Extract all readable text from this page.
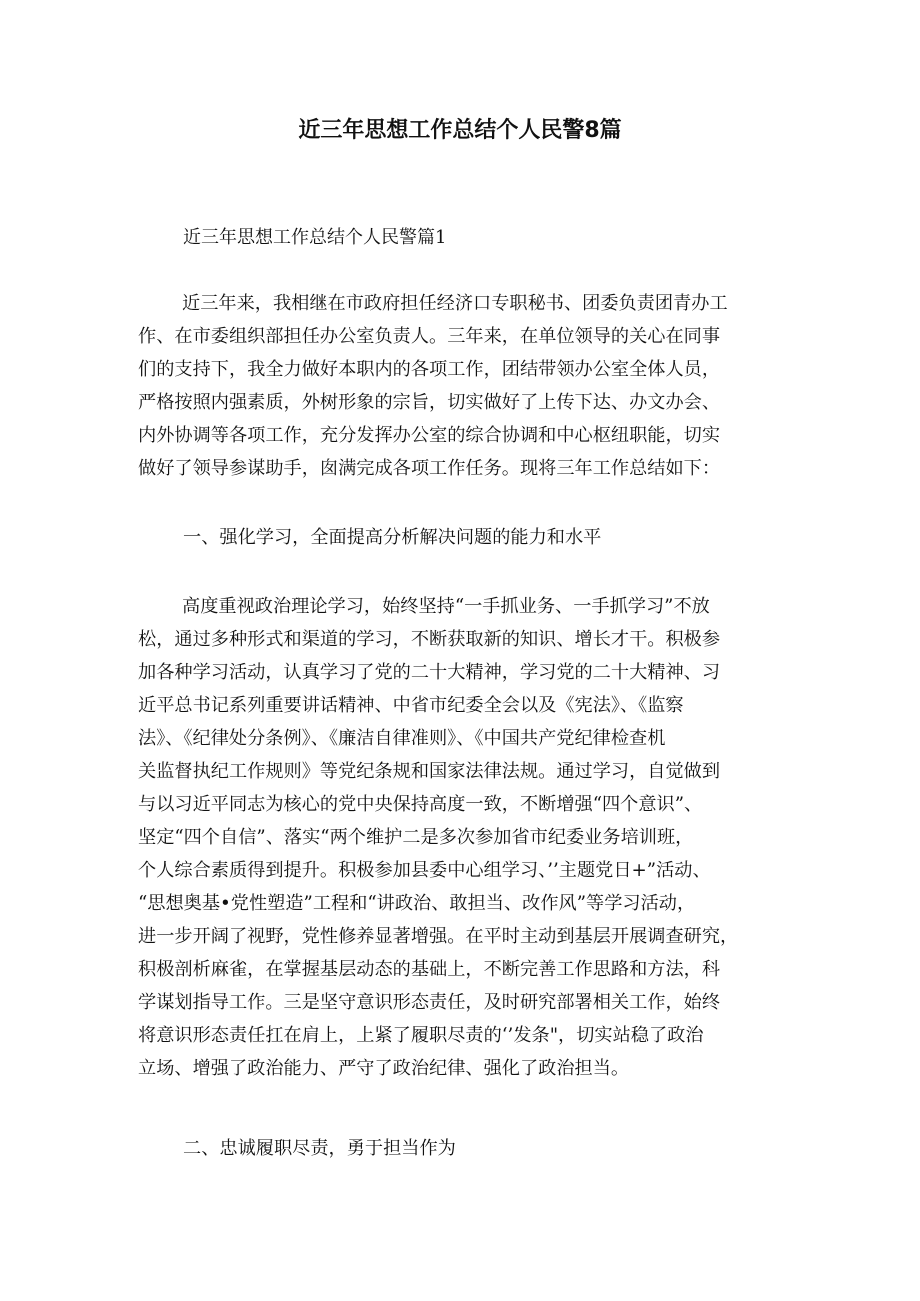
近三年思想工作总结个人民警8篇
近三年思想工作总结个人民警篇1
近三年来，我相继在市政府担任经济口专职秘书、团委负责团青办工
作、在市委组织部担任办公室负责人。三年来，在单位领导的关心在同事
们的支持下，我全力做好本职内的各项工作，团结带领办公室全体人员，
严格按照内强素质，外树形象的宗旨，切实做好了上传下达、办文办会、
内外协调等各项工作，充分发挥办公室的综合协调和中心枢纽职能，切实
做好了领导参谋助手，囱满完成各项工作任务。现将三年工作总结如下：
一、强化学习，全面提高分析解决问题的能力和水平
高度重视政治理论学习，始终坚持“一手抓业务、一手抓学习”不放
松，通过多种形式和渠道的学习，不断获取新的知识、增长才干。积极参
加各种学习活动，认真学习了党的二十大精神，学习党的二十大精神、习
近平总书记系列重要讲话精神、中省市纪委全会以及《宪法》、《监察
法》、《纪律处分条例》、《廉洁自律准则》、《中国共产党纪律检查机
关监督执纪工作规则》等党纪条规和国家法律法规。通过学习，自觉做到
与以习近平同志为核心的党中央保持高度一致，不断增强“四个意识”、
坚定“四个自信”、落实“两个维护二是多次参加省市纪委业务培训班，
个人综合素质得到提升。积极参加县委中心组学习、’’主题党日+”活动、
“思想奥基•党性塑造”工程和“讲政治、敢担当、改作风”等学习活动，
进一步开阔了视野，党性修养显著增强。在平时主动到基层开展调查研究，
积极剖析麻雀，在掌握基层动态的基础上，不断完善工作思路和方法，科
学谋划指导工作。三是坚守意识形态责任，及时研究部署相关工作，始终
将意识形态责任扛在肩上，上紧了履职尽责的‘’发条"，切实站稳了政治
立场、增强了政治能力、严守了政治纪律、强化了政治担当。
二、忠诚履职尽责，勇于担当作为
